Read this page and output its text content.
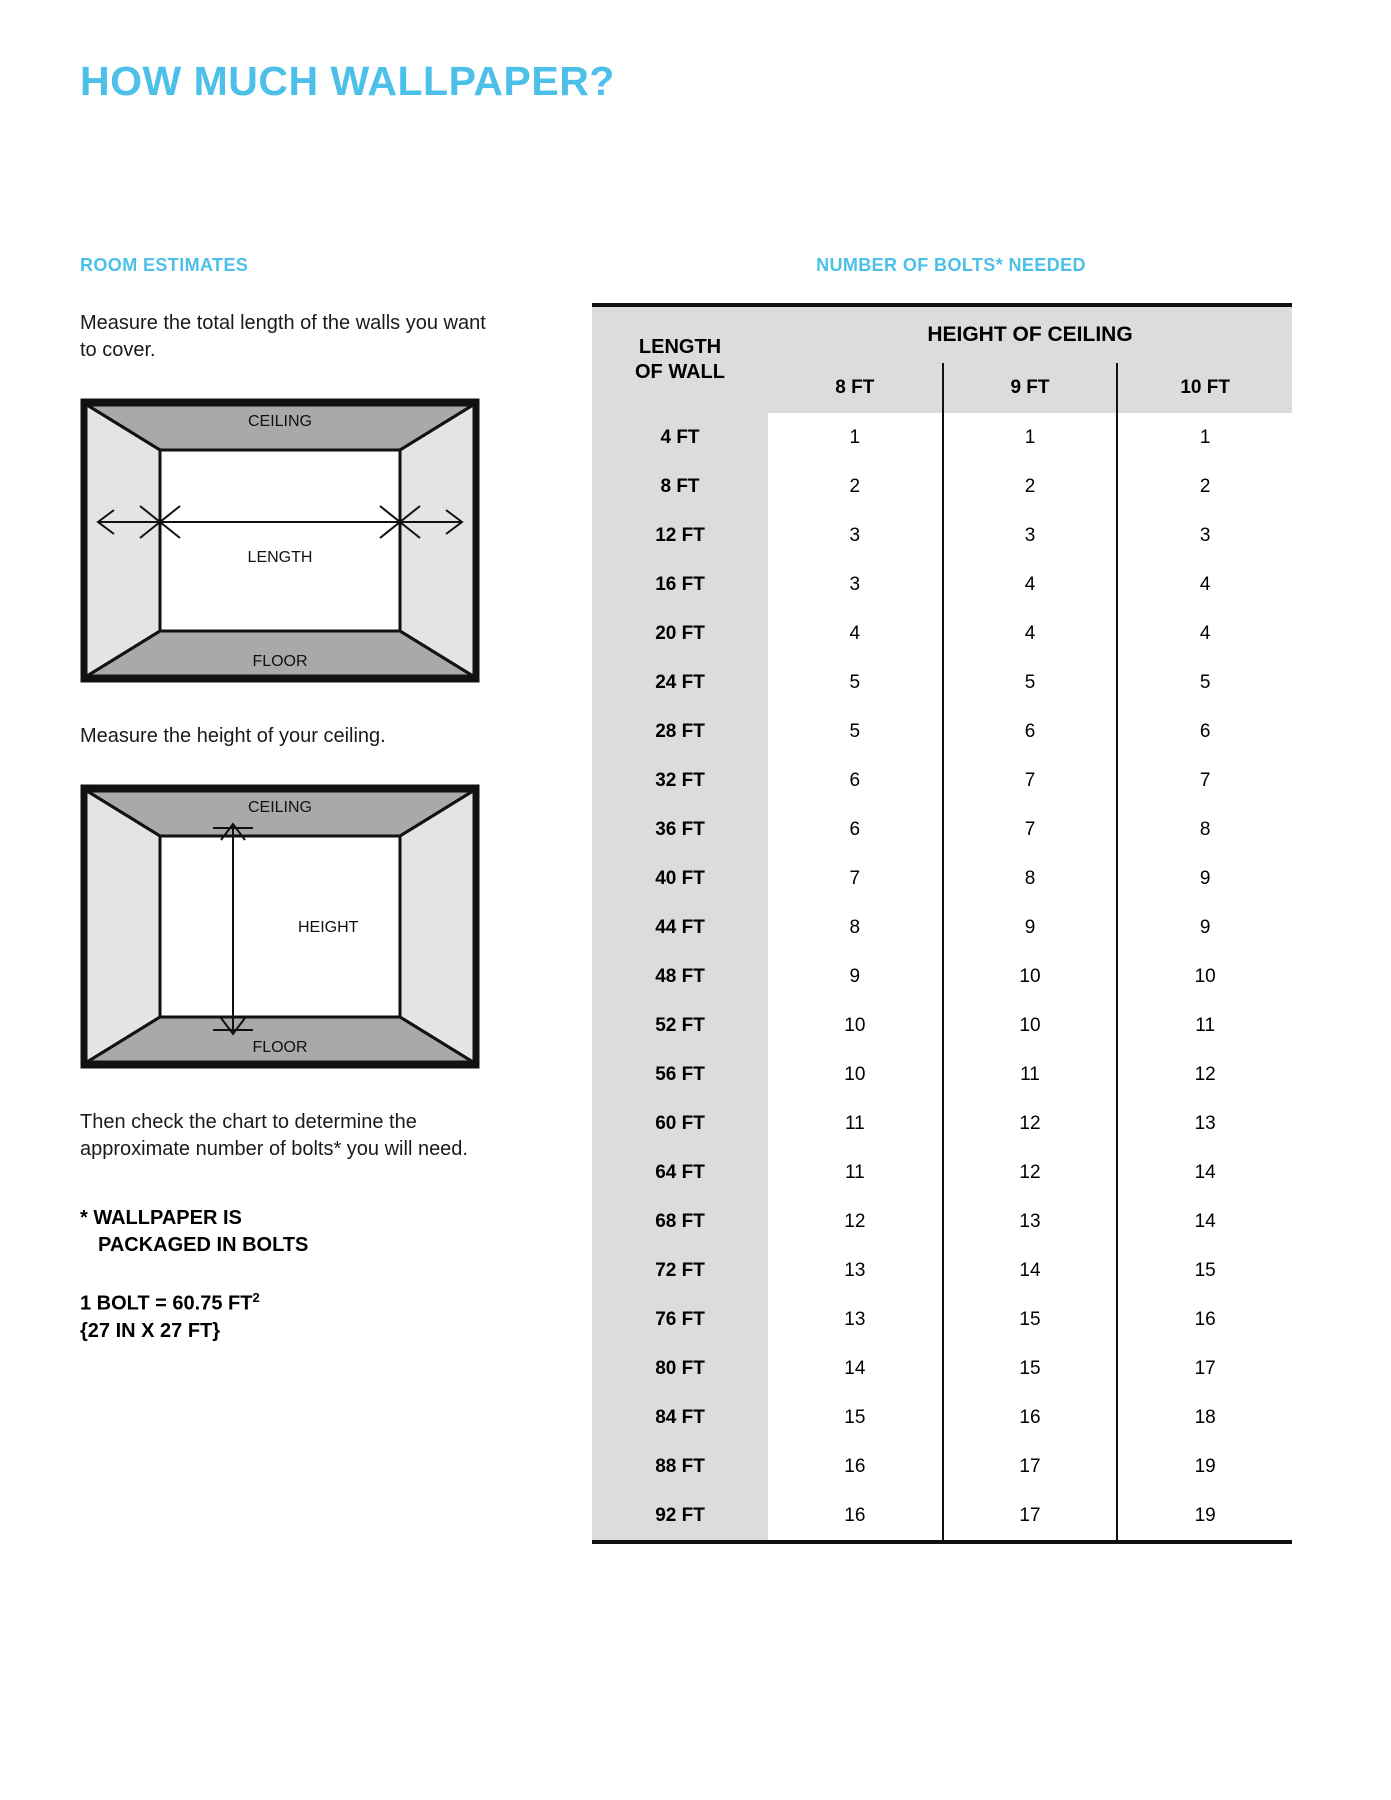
HOW MUCH WALLPAPER?
ROOM ESTIMATES

Measure the total length of the walls you want to cover.

CEILING
FLOOR
LENGTH

Measure the height of your ceiling.

CEILING
FLOOR
HEIGHT

Then check the chart to determine the approximate number of bolts* you will need.

* WALLPAPER IS
PACKAGED IN BOLTS

1 BOLT = 60.75 $FT^2$
{27 IN X 27 FT}

NUMBER OF BOLTS* NEEDED
LENGTH
OF WALL	HEIGHT OF CEILING		
	8 FT	9 FT	10 FT
4 FT	1	1	1
8 FT	2	2	2
12 FT	3	3	3
16 FT	3	4	4
20 FT	4	4	4
24 FT	5	5	5
28 FT	5	6	6
32 FT	6	7	7
36 FT	6	7	8
40 FT	7	8	9
44 FT	8	9	9
48 FT	9	10	10
52 FT	10	10	11
56 FT	10	11	12
60 FT	11	12	13
64 FT	11	12	14
68 FT	12	13	14
72 FT	13	14	15
76 FT	13	15	16
80 FT	14	15	17
84 FT	15	16	18
88 FT	16	17	19
92 FT	16	17	19
